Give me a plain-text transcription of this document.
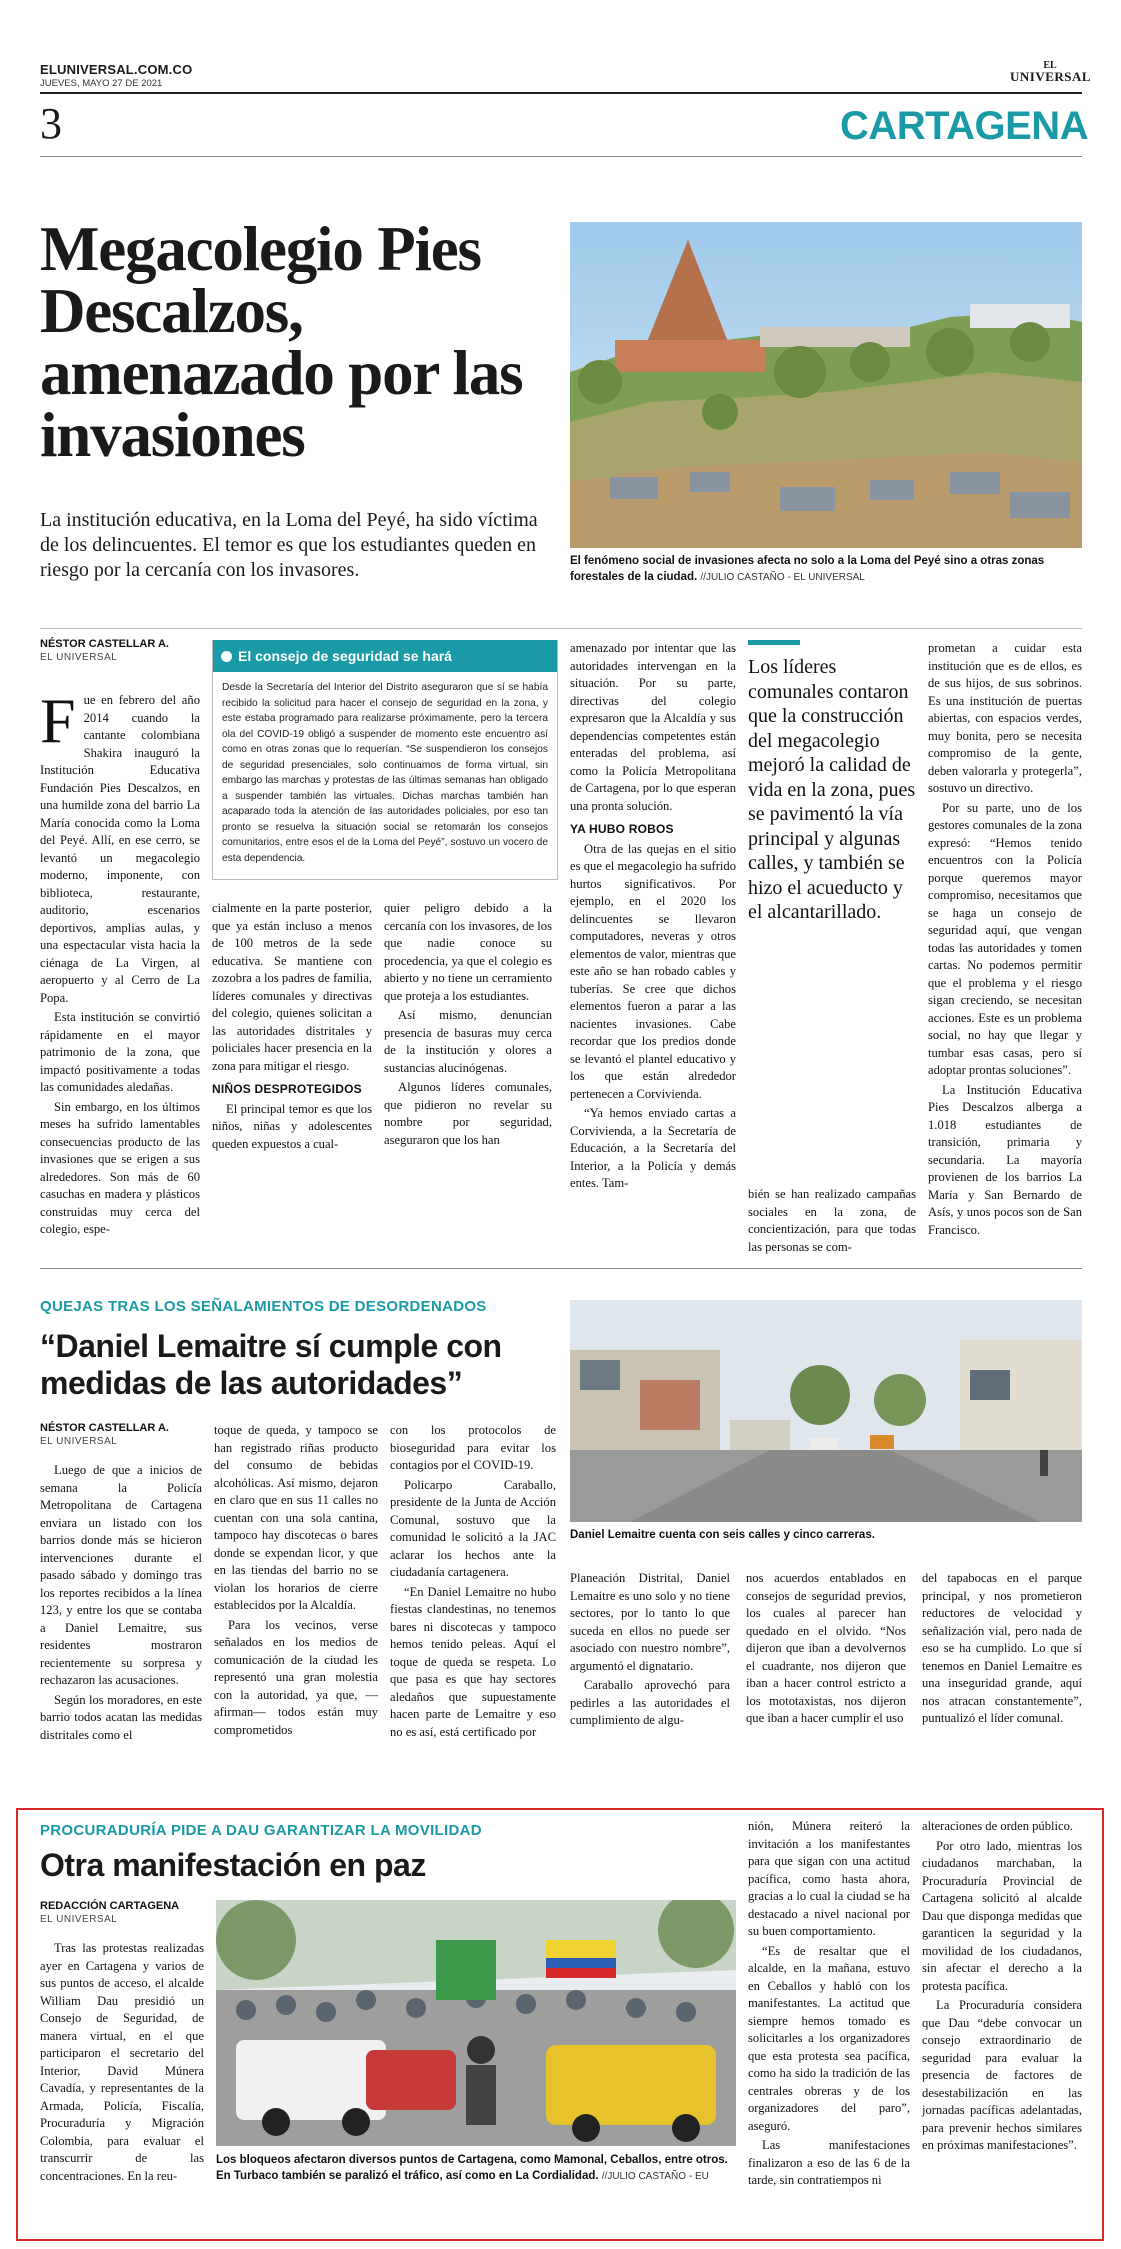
ELUNIVERSAL.COM.CO
JUEVES, MAYO 27 DE 2021
EL
UNIVERSAL
3	CARTAGENA
Megacolegio Pies Descalzos, amenazado por las invasiones
La institución educativa, en la Loma del Peyé, ha sido víctima de los delincuentes. El temor es que los estudiantes queden en riesgo por la cercanía con los invasores.	El fenómeno social de invasiones afecta no solo a la Loma del Peyé sino a otras zonas forestales de la ciudad. //JULIO CASTAÑO - EL UNIVERSAL
NÉSTOR CASTELLAR A.
EL UNIVERSAL

Fue en febrero del año 2014 cuando la cantante colombiana Shakira inauguró la Institución Educativa Fundación Pies Descalzos, en una humilde zona del barrio La María conocida como la Loma del Peyé. Allí, en ese cerro, se levantó un megacolegio moderno, imponente, con biblioteca, restaurante, auditorio, escenarios deportivos, amplias aulas, y una espectacular vista hacia la ciénaga de La Virgen, al aeropuerto y al Cerro de La Popa.

Esta institución se convirtió rápidamente en el mayor patrimonio de la zona, que impactó positivamente a todas las comunidades aledañas.

Sin embargo, en los últimos meses ha sufrido lamentables consecuencias producto de las invasiones que se erigen a sus alrededores. Son más de 60 casuchas en madera y plásticos construidas muy cerca del colegio, espe-

El consejo de seguridad se hará
Desde la Secretaría del Interior del Distrito aseguraron que sí se había recibido la solicitud para hacer el consejo de seguridad en la zona, y este estaba programado para realizarse próximamente, pero la tercera ola del COVID-19 obligó a suspender de momento este encuentro así como en otras zonas que lo requerían. “Se suspendieron los consejos de seguridad presenciales, solo continuamos de forma virtual, sin embargo las marchas y protestas de las últimas semanas han obligado a suspender también las virtuales. Dichas marchas también han acaparado toda la atención de las autoridades policiales, por eso tan pronto se resuelva la situación social se retomarán los consejos comunitarios, entre esos el de la Loma del Peyé”, sostuvo un vocero de esta dependencia.

cialmente en la parte posterior, que ya están incluso a menos de 100 metros de la sede educativa. Se mantiene con zozobra a los padres de familia, líderes comunales y directivas del colegio, quienes solicitan a las autoridades distritales y policiales hacer presencia en la zona para mitigar el riesgo.

NIÑOS DESPROTEGIDOS

El principal temor es que los niños, niñas y adolescentes queden expuestos a cual-

quier peligro debido a la cercanía con los invasores, de los que nadie conoce su procedencia, ya que el colegio es abierto y no tiene un cerramiento que proteja a los estudiantes.

Así mismo, denuncian presencia de basuras muy cerca de la institución y olores a sustancias alucinógenas.

Algunos líderes comunales, que pidieron no revelar su nombre por seguridad, aseguraron que los han

amenazado por intentar que las autoridades intervengan en la situación. Por su parte, directivas del colegio expresaron que la Alcaldía y sus dependencias competentes están enteradas del problema, así como la Policía Metropolitana de Cartagena, por lo que esperan una pronta solución.

YA HUBO ROBOS

Otra de las quejas en el sitio es que el megacolegio ha sufrido hurtos significativos. Por ejemplo, en el 2020 los delincuentes se llevaron computadores, neveras y otros elementos de valor, mientras que este año se han robado cables y tuberías. Se cree que dichos elementos fueron a parar a las nacientes invasiones. Cabe recordar que los predios donde se levantó el plantel educativo y los que están alrededor pertenecen a Corvivienda.

“Ya hemos enviado cartas a Corvivienda, a la Secretaría de Educación, a la Secretaría del Interior, a la Policía y demás entes. Tam-

Los líderes comunales contaron que la construcción del megacolegio mejoró la calidad de vida en la zona, pues se pavimentó la vía principal y algunas calles, y también se hizo el acueducto y el alcantarillado.

bién se han realizado campañas sociales en la zona, de concientización, para que todas las personas se com-

prometan a cuidar esta institución que es de ellos, es de sus hijos, de sus sobrinos. Es una institución de puertas abiertas, con espacios verdes, muy bonita, pero se necesita compromiso de la gente, deben valorarla y protegerla”, sostuvo un directivo.

Por su parte, uno de los gestores comunales de la zona expresó: “Hemos tenido encuentros con la Policía porque queremos mayor compromiso, necesitamos que se haga un consejo de seguridad aquí, que vengan todas las autoridades y tomen cartas. No podemos permitir que el problema y el riesgo sigan creciendo, se necesitan acciones. Este es un problema social, no hay que llegar y tumbar esas casas, pero sí adoptar prontas soluciones”.

La Institución Educativa Pies Descalzos alberga a 1.018 estudiantes de transición, primaria y secundaria. La mayoría provienen de los barrios La María y San Bernardo de Asís, y unos pocos son de San Francisco.

QUEJAS TRAS LOS SEÑALAMIENTOS DE DESORDENADOS
“Daniel Lemaitre sí cumple con medidas de las autoridades”
Daniel Lemaitre cuenta con seis calles y cinco carreras.
NÉSTOR CASTELLAR A.
EL UNIVERSAL

Luego de que a inicios de semana la Policía Metropolitana de Cartagena enviara un listado con los barrios donde más se hicieron intervenciones durante el pasado sábado y domingo tras los reportes recibidos a la línea 123, y entre los que se contaba a Daniel Lemaitre, sus residentes mostraron recientemente su sorpresa y rechazaron las acusaciones.

Según los moradores, en este barrio todos acatan las medidas distritales como el

toque de queda, y tampoco se han registrado riñas producto del consumo de bebidas alcohólicas. Así mismo, dejaron en claro que en sus 11 calles no cuentan con una sola cantina, tampoco hay discotecas o bares donde se expendan licor, y que en las tiendas del barrio no se violan los horarios de cierre establecidos por la Alcaldía.

Para los vecinos, verse señalados en los medios de comunicación de la ciudad les representó una gran molestia con la autoridad, ya que, —afirman— todos están muy comprometidos

con los protocolos de bioseguridad para evitar los contagios por el COVID-19.

Policarpo Caraballo, presidente de la Junta de Acción Comunal, sostuvo que la comunidad le solicitó a la JAC aclarar los hechos ante la ciudadanía cartagenera.

“En Daniel Lemaitre no hubo fiestas clandestinas, no tenemos bares ni discotecas y tampoco hemos tenido peleas. Aquí el toque de queda se respeta. Lo que pasa es que hay sectores aledaños que supuestamente hacen parte de Lemaitre y eso no es así, está certificado por

Planeación Distrital, Daniel Lemaitre es uno solo y no tiene sectores, por lo tanto lo que suceda en ellos no puede ser asociado con nuestro nombre”, argumentó el dignatario.

Caraballo aprovechó para pedirles a las autoridades el cumplimiento de algu-

nos acuerdos entablados en consejos de seguridad previos, los cuales al parecer han quedado en el olvido. “Nos dijeron que iban a devolvernos el cuadrante, nos dijeron que iban a hacer control estricto a los mototaxistas, nos dijeron que iban a hacer cumplir el uso

del tapabocas en el parque principal, y nos prometieron reductores de velocidad y señalización vial, pero nada de eso se ha cumplido. Lo que sí tenemos en Daniel Lemaitre es una inseguridad grande, aquí nos atracan constantemente”, puntualizó el líder comunal.

PROCURADURÍA PIDE A DAU GARANTIZAR LA MOVILIDAD
Otra manifestación en paz
REDACCIÓN CARTAGENA
EL UNIVERSAL

Tras las protestas realizadas ayer en Cartagena y varios de sus puntos de acceso, el alcalde William Dau presidió un Consejo de Seguridad, de manera virtual, en el que participaron el secretario del Interior, David Múnera Cavadía, y representantes de la Armada, Policía, Fiscalía, Procuraduría y Migración Colombia, para evaluar el transcurrir de las concentraciones. En la reu-

Los bloqueos afectaron diversos puntos de Cartagena, como Mamonal, Ceballos, entre otros. En Turbaco también se paralizó el tráfico, así como en La Cordialidad. //JULIO CASTAÑO - EU

nión, Múnera reiteró la invitación a los manifestantes para que sigan con una actitud pacífica, como hasta ahora, gracias a lo cual la ciudad se ha destacado a nivel nacional por su buen comportamiento.

“Es de resaltar que el alcalde, en la mañana, estuvo en Ceballos y habló con los manifestantes. La actitud que siempre hemos tomado es solicitarles a los organizadores que esta protesta sea pacífica, como ha sido la tradición de las centrales obreras y de los organizadores del paro”, aseguró.

Las manifestaciones finalizaron a eso de las 6 de la tarde, sin contratiempos ni

alteraciones de orden público.

Por otro lado, mientras los ciudadanos marchaban, la Procuraduría Provincial de Cartagena solicitó al alcalde Dau que disponga medidas que garanticen la seguridad y la movilidad de los ciudadanos, sin afectar el derecho a la protesta pacífica.

La Procuraduría considera que Dau “debe convocar un consejo extraordinario de seguridad para evaluar la presencia de factores de desestabilización en las jornadas pacíficas adelantadas, para prevenir hechos similares en próximas manifestaciones”.
